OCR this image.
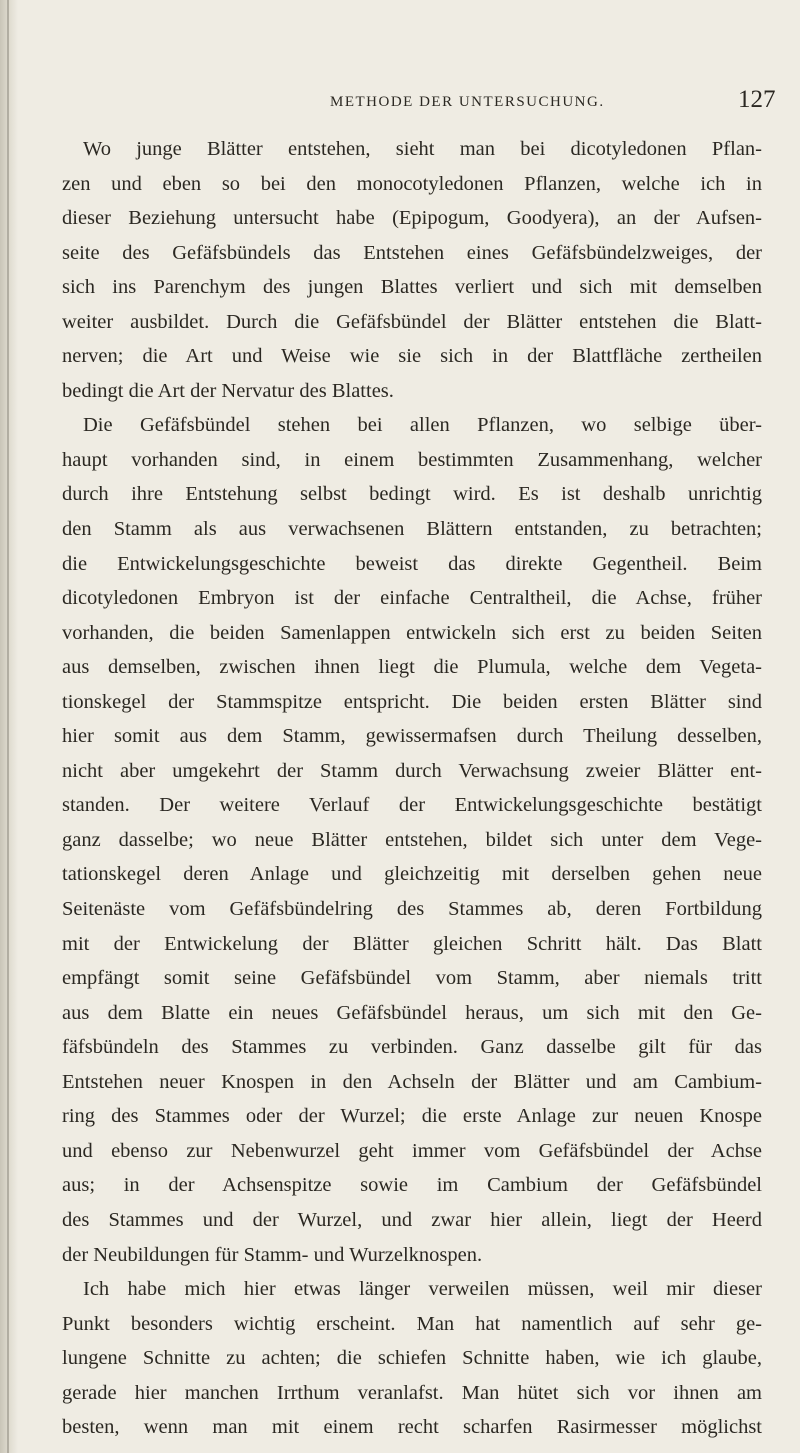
METHODE DER UNTERSUCHUNG.	127
Wo junge Blätter entstehen, sieht man bei dicotyledonen Pflan-
zen und eben so bei den monocotyledonen Pflanzen, welche ich in
dieser Beziehung untersucht habe (Epipogum, Goodyera), an der Aufsen-
seite des Gefäfsbündels das Entstehen eines Gefäfsbündelzweiges, der
sich ins Parenchym des jungen Blattes verliert und sich mit demselben
weiter ausbildet. Durch die Gefäfsbündel der Blätter entstehen die Blatt-
nerven; die Art und Weise wie sie sich in der Blattfläche zertheilen
bedingt die Art der Nervatur des Blattes.
Die Gefäfsbündel stehen bei allen Pflanzen, wo selbige über-
haupt vorhanden sind, in einem bestimmten Zusammenhang, welcher
durch ihre Entstehung selbst bedingt wird. Es ist deshalb unrichtig
den Stamm als aus verwachsenen Blättern entstanden, zu betrachten;
die Entwickelungsgeschichte beweist das direkte Gegentheil. Beim
dicotyledonen Embryon ist der einfache Centraltheil, die Achse, früher
vorhanden, die beiden Samenlappen entwickeln sich erst zu beiden Seiten
aus demselben, zwischen ihnen liegt die Plumula, welche dem Vegeta-
tionskegel der Stammspitze entspricht. Die beiden ersten Blätter sind
hier somit aus dem Stamm, gewissermafsen durch Theilung desselben,
nicht aber umgekehrt der Stamm durch Verwachsung zweier Blätter ent-
standen. Der weitere Verlauf der Entwickelungsgeschichte bestätigt
ganz dasselbe; wo neue Blätter entstehen, bildet sich unter dem Vege-
tationskegel deren Anlage und gleichzeitig mit derselben gehen neue
Seitenäste vom Gefäfsbündelring des Stammes ab, deren Fortbildung
mit der Entwickelung der Blätter gleichen Schritt hält. Das Blatt
empfängt somit seine Gefäfsbündel vom Stamm, aber niemals tritt
aus dem Blatte ein neues Gefäfsbündel heraus, um sich mit den Ge-
fäfsbündeln des Stammes zu verbinden. Ganz dasselbe gilt für das
Entstehen neuer Knospen in den Achseln der Blätter und am Cambium-
ring des Stammes oder der Wurzel; die erste Anlage zur neuen Knospe
und ebenso zur Nebenwurzel geht immer vom Gefäfsbündel der Achse
aus; in der Achsenspitze sowie im Cambium der Gefäfsbündel
des Stammes und der Wurzel, und zwar hier allein, liegt der Heerd
der Neubildungen für Stamm- und Wurzelknospen.
Ich habe mich hier etwas länger verweilen müssen, weil mir dieser
Punkt besonders wichtig erscheint. Man hat namentlich auf sehr ge-
lungene Schnitte zu achten; die schiefen Schnitte haben, wie ich glaube,
gerade hier manchen Irrthum veranlafst. Man hütet sich vor ihnen am
besten, wenn man mit einem recht scharfen Rasirmesser möglichst
